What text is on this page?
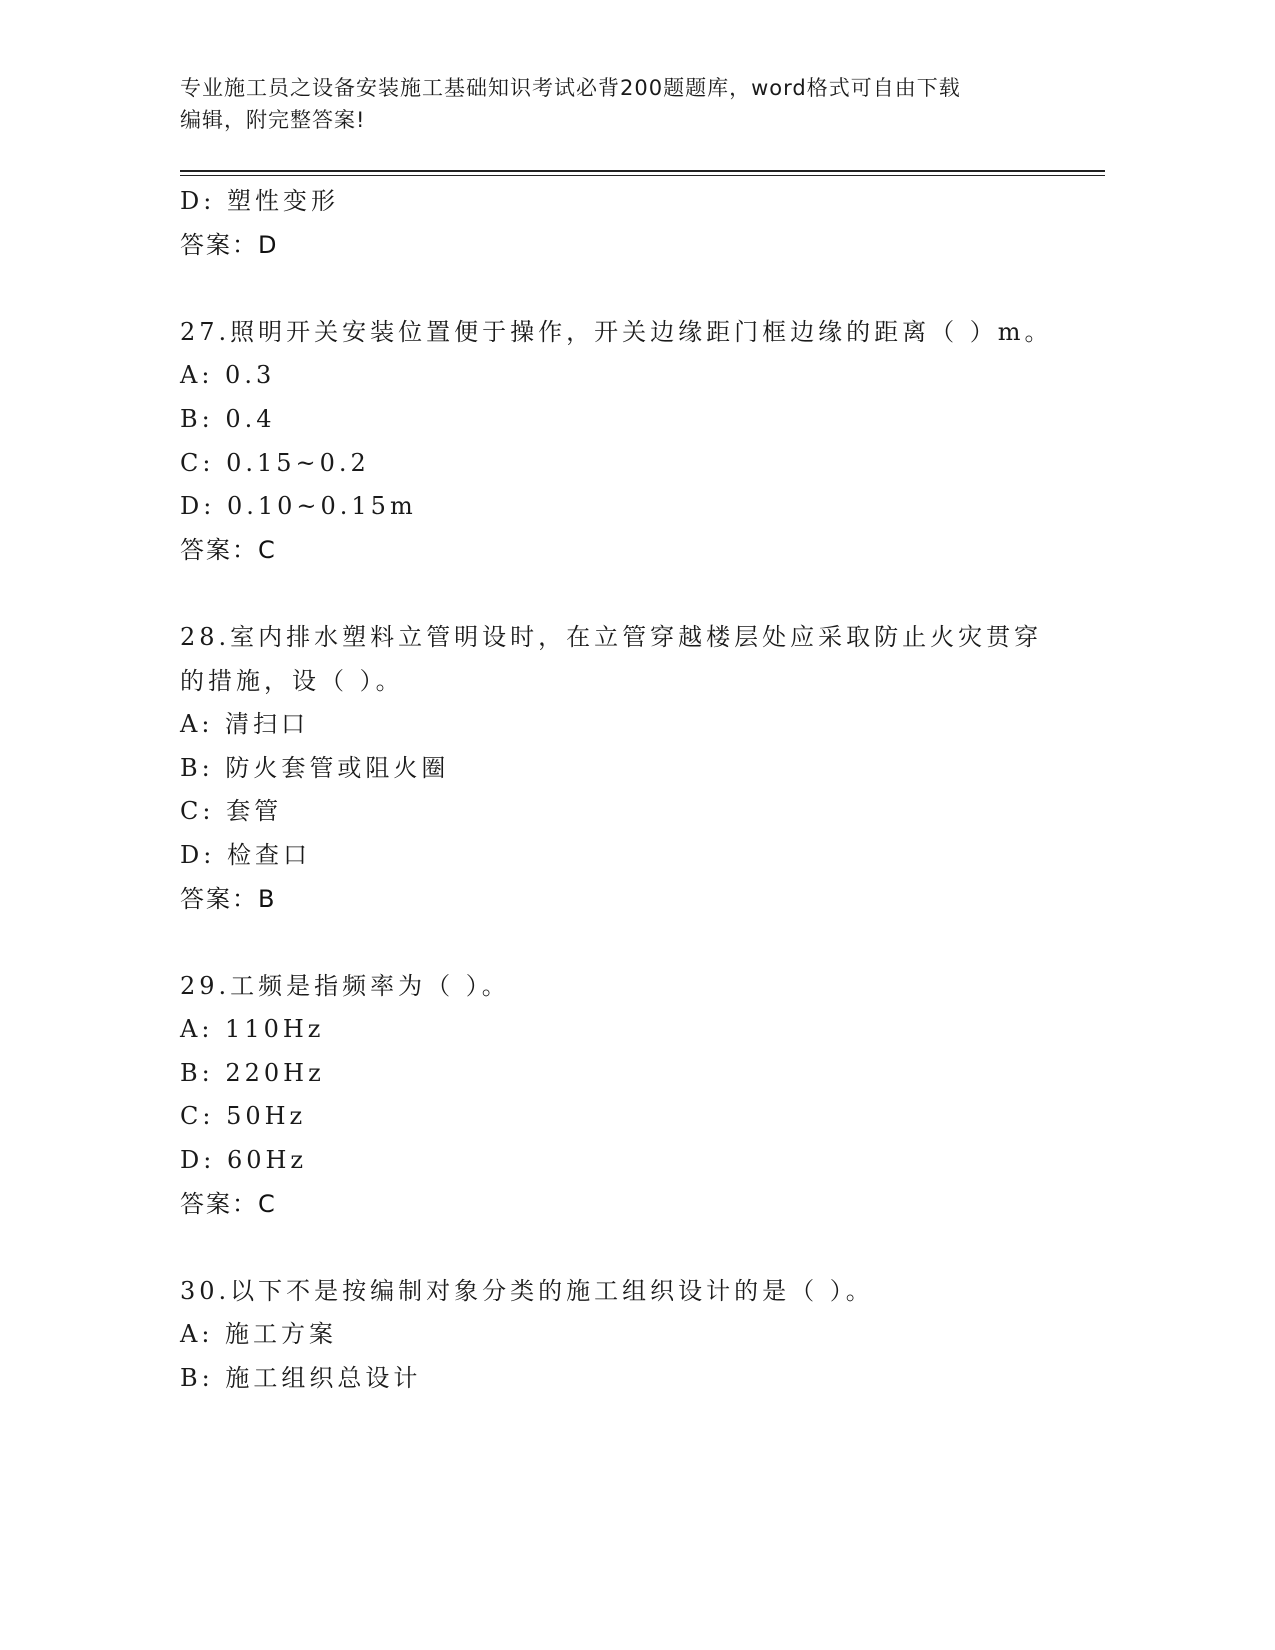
专业施工员之设备安装施工基础知识考试必背200题题库，word格式可自由下载
编辑，附完整答案!
D: 塑性变形
答案：D
27.照明开关安装位置便于操作，开关边缘距门框边缘的距离（ ）m。
A: 0.3
B: 0.4
C: 0.15~0.2
D: 0.10~0.15m
答案：C
28.室内排水塑料立管明设时，在立管穿越楼层处应采取防止火灾贯穿
的措施，设（ ）。
A: 清扫口
B: 防火套管或阻火圈
C: 套管
D: 检查口
答案：B
29.工频是指频率为（ ）。
A: 110Hz
B: 220Hz
C: 50Hz
D: 60Hz
答案：C
30.以下不是按编制对象分类的施工组织设计的是（ ）。
A: 施工方案
B: 施工组织总设计
